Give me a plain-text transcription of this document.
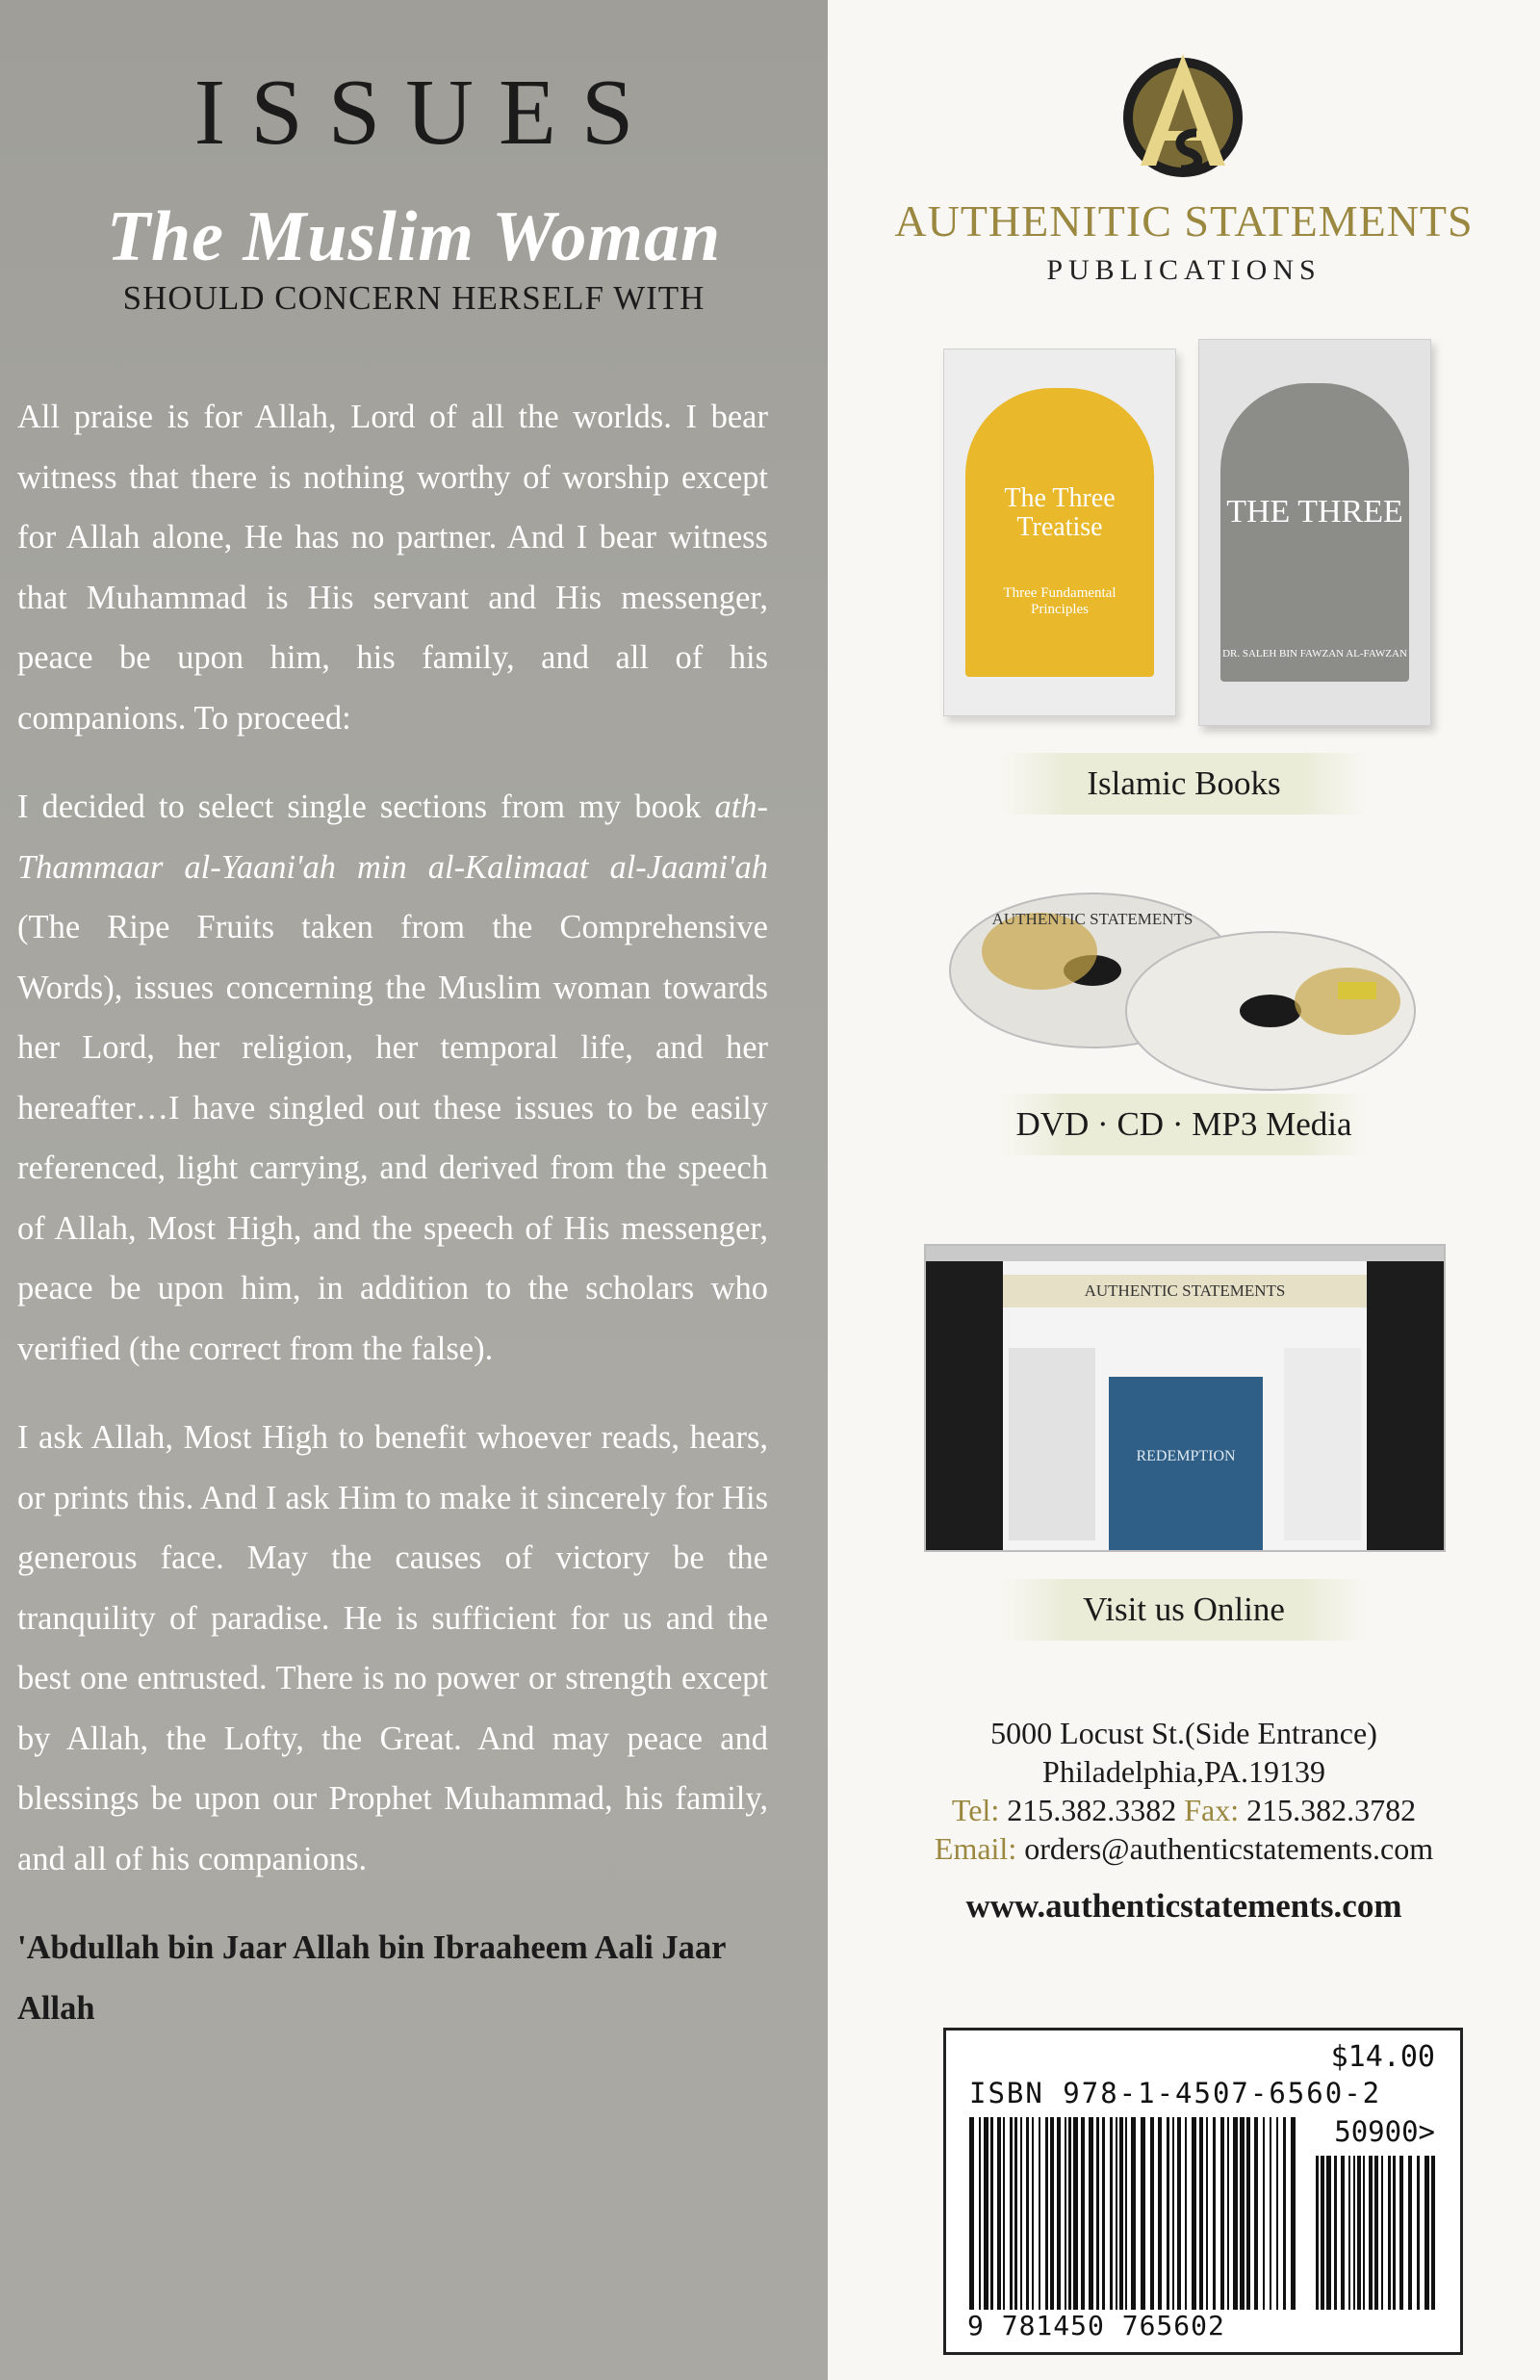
ISSUES
The Muslim Woman
SHOULD CONCERN HERSELF WITH

All praise is for Allah, Lord of all the worlds. I bear witness that there is nothing worthy of worship except for Allah alone, He has no partner. And I bear witness that Muhammad is His servant and His messenger, peace be upon him, his family, and all of his companions. To proceed:

I decided to select single sections from my book ath-Thammaar al-Yaani'ah min al-Kalimaat al-Jaami'ah (The Ripe Fruits taken from the Comprehensive Words), issues concerning the Muslim woman towards her Lord, her religion, her temporal life, and her hereafter…I have singled out these issues to be easily referenced, light carrying, and derived from the speech of Allah, Most High, and the speech of His messenger, peace be upon him, in addition to the scholars who verified (the correct from the false).

I ask Allah, Most High to benefit whoever reads, hears, or prints this. And I ask Him to make it sincerely for His generous face. May the causes of victory be the tranquility of paradise. He is sufficient for us and the best one entrusted. There is no power or strength except by Allah, the Lofty, the Great. And may peace and blessings be upon our Prophet Muhammad, his family, and all of his companions.

'Abdullah bin Jaar Allah bin Ibraaheem Aali Jaar Allah

AUTHENITIC STATEMENTS
PUBLICATIONS
The Three Treatise
Three Fundamental Principles
THE THREE
DR. SALEH BIN FAWZAN AL-FAWZAN
Islamic Books
AUTHENTIC STATEMENTS
DVD · CD · MP3 Media
AUTHENTIC STATEMENTS
REDEMPTION
Visit us Online
5000 Locust St.(Side Entrance)
Philadelphia,PA.19139
Tel: 215.382.3382 Fax: 215.382.3782
Email: orders@authenticstatements.com
www.authenticstatements.com
$14.00
ISBN 978-1-4507-6560-2
50900>
9 781450 765602
